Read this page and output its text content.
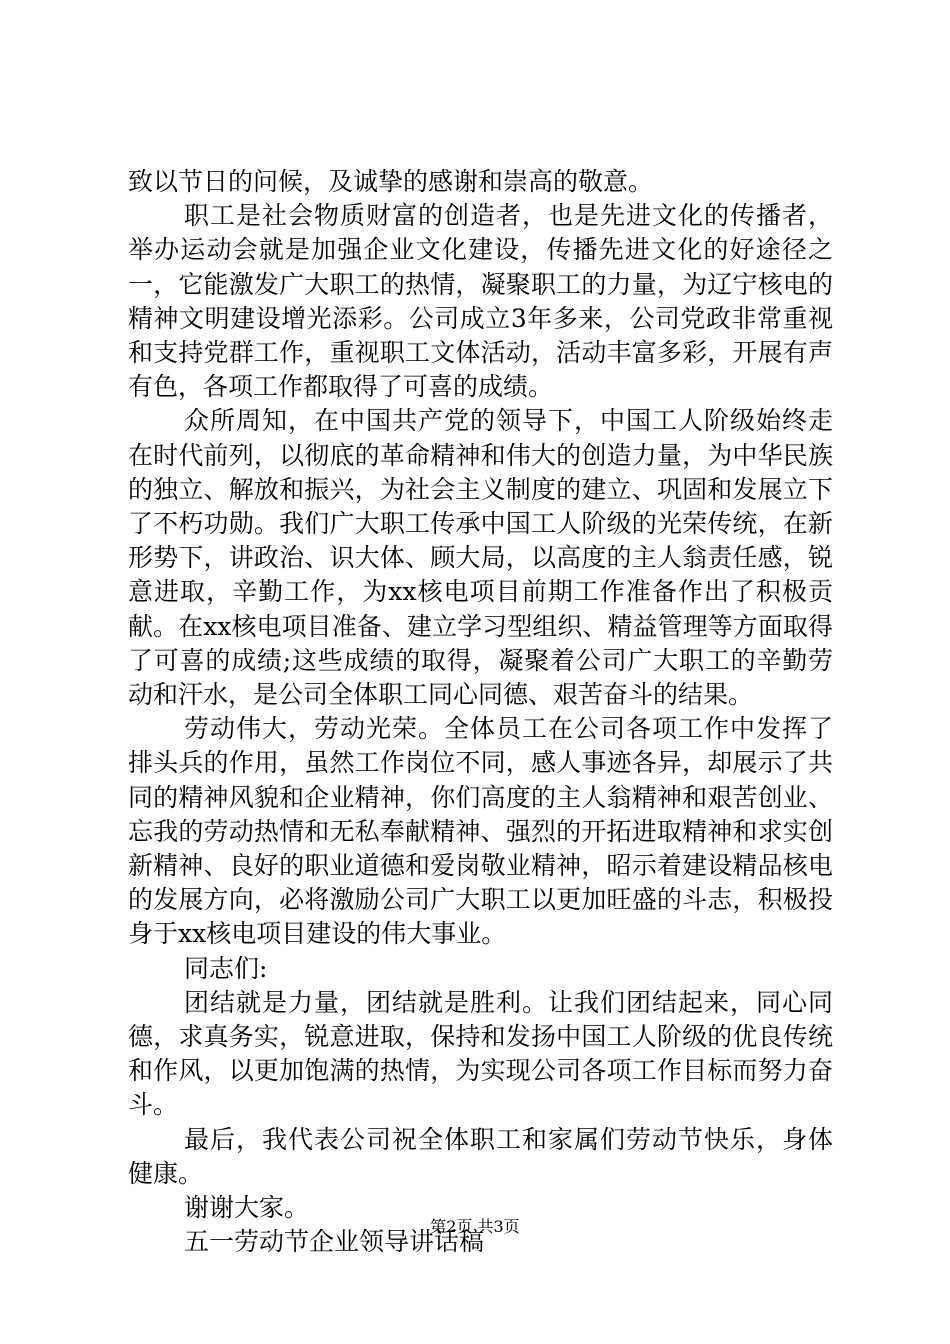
致以节日的问候，及诚挚的感谢和崇高的敬意。

职工是社会物质财富的创造者，也是先进文化的传播者，举办运动会就是加强企业文化建设，传播先进文化的好途径之一，它能激发广大职工的热情，凝聚职工的力量，为辽宁核电的精神文明建设增光添彩。公司成立3年多来，公司党政非常重视和支持党群工作，重视职工文体活动，活动丰富多彩，开展有声有色，各项工作都取得了可喜的成绩。

众所周知，在中国共产党的领导下，中国工人阶级始终走在时代前列，以彻底的革命精神和伟大的创造力量，为中华民族的独立、解放和振兴，为社会主义制度的建立、巩固和发展立下了不朽功勋。我们广大职工传承中国工人阶级的光荣传统，在新形势下，讲政治、识大体、顾大局，以高度的主人翁责任感，锐意进取，辛勤工作，为xx核电项目前期工作准备作出了积极贡献。在xx核电项目准备、建立学习型组织、精益管理等方面取得了可喜的成绩;这些成绩的取得，凝聚着公司广大职工的辛勤劳动和汗水，是公司全体职工同心同德、艰苦奋斗的结果。

劳动伟大，劳动光荣。全体员工在公司各项工作中发挥了排头兵的作用，虽然工作岗位不同，感人事迹各异，却展示了共同的精神风貌和企业精神，你们高度的主人翁精神和艰苦创业、忘我的劳动热情和无私奉献精神、强烈的开拓进取精神和求实创新精神、良好的职业道德和爱岗敬业精神，昭示着建设精品核电的发展方向，必将激励公司广大职工以更加旺盛的斗志，积极投身于xx核电项目建设的伟大事业。

同志们:

团结就是力量，团结就是胜利。让我们团结起来，同心同德，求真务实，锐意进取，保持和发扬中国工人阶级的优良传统和作风，以更加饱满的热情，为实现公司各项工作目标而努力奋斗。

最后，我代表公司祝全体职工和家属们劳动节快乐，身体健康。

谢谢大家。

五一劳动节企业领导讲话稿

第2页 共3页
